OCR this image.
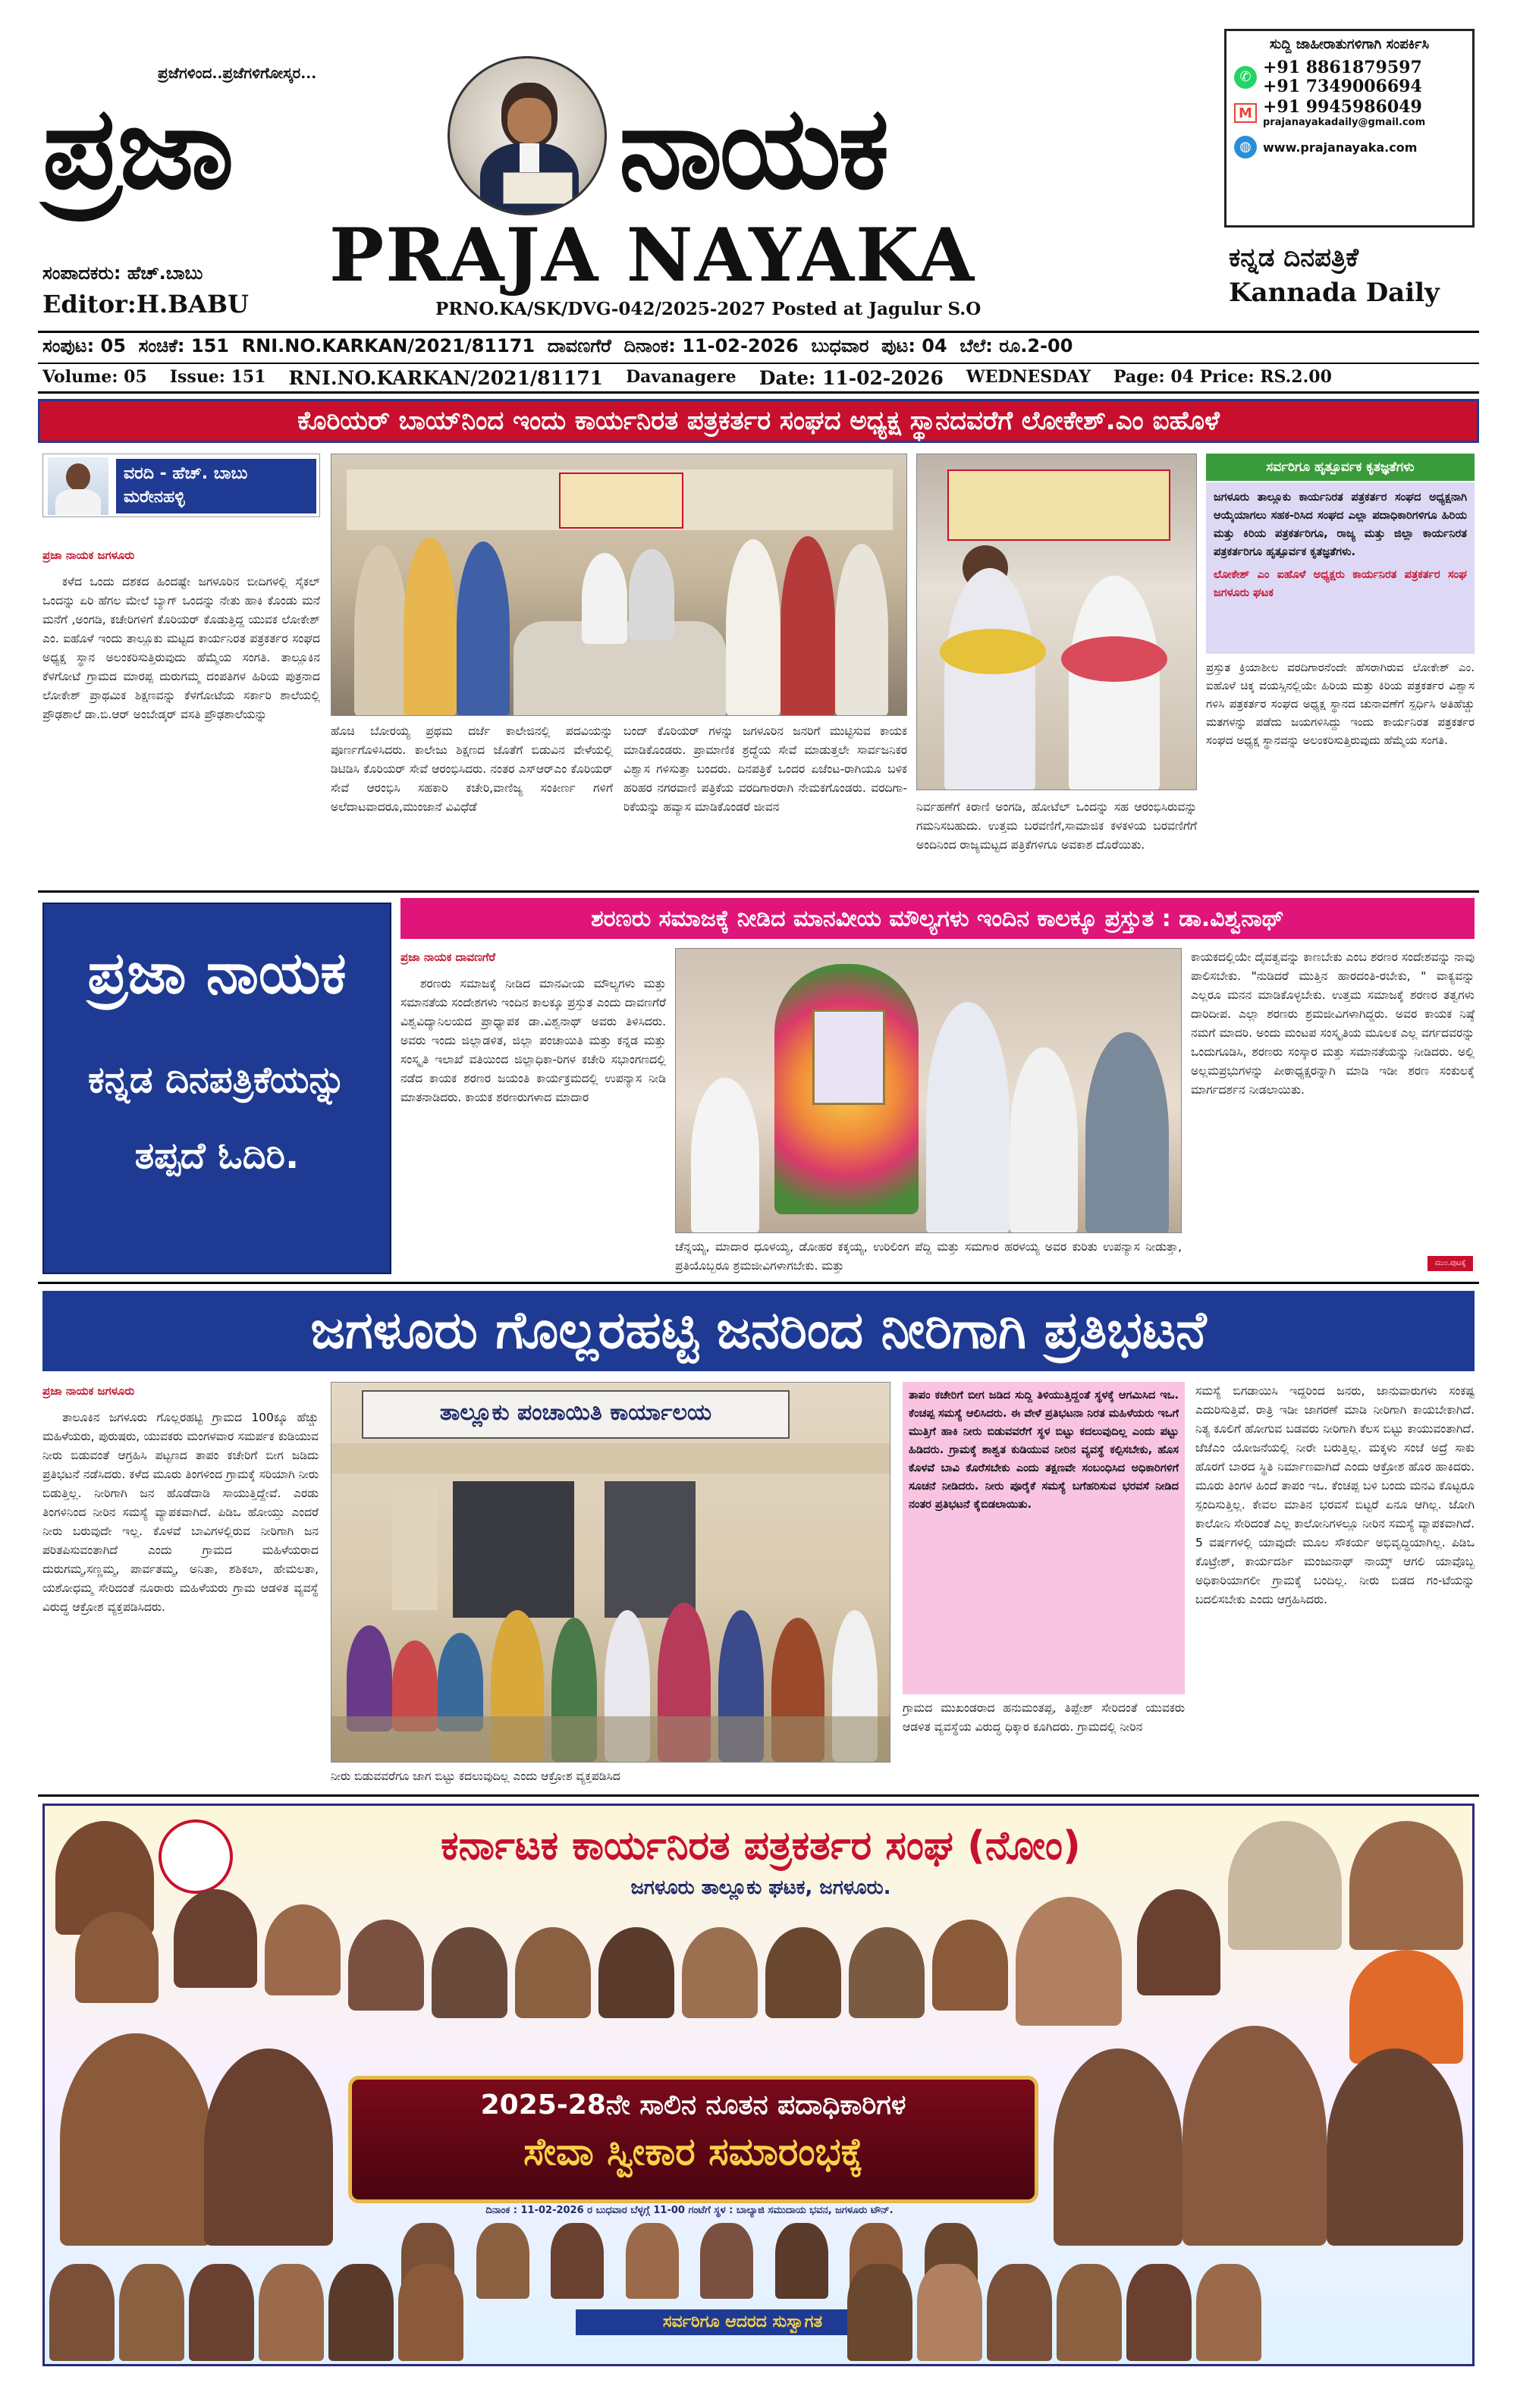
ಪ್ರಜೆಗಳಿಂದ..ಪ್ರಜೆಗಳಿಗೋಸ್ಕರ...
ಪ್ರಜಾ	ನಾಯಕ
PRAJA NAYAKA
ಸಂಪಾದಕರು: ಹೆಚ್.ಬಾಬು
Editor:H.BABU	PRNO.KA/SK/DVG-042/2025-2027 Posted at Jagulur S.O
ಕನ್ನಡ ದಿನಪತ್ರಿಕೆ
Kannada Daily
ಸುದ್ದಿ ಜಾಹೀರಾತುಗಳಿಗಾಗಿ ಸಂಪರ್ಕಿಸಿ
✆ +91 8861879597
+91 7349006694
M +91 9945986049
prajanayakadaily@gmail.com
◍ www.prajanayaka.com
ಸಂಪುಟ: 05  ಸಂಚಿಕೆ: 151  RNI.NO.KARKAN/2021/81171  ದಾವಣಗೆರೆ  ದಿನಾಂಕ: 11-02-2026  ಬುಧವಾರ  ಪುಟ: 04  ಬೆಲೆ: ರೂ.2-00
Volume: 05 Issue: 151 RNI.NO.KARKAN/2021/81171 Davanagere Date: 11-02-2026 WEDNESDAY Page: 04 Price: RS.2.00
ಕೊರಿಯರ್ ಬಾಯ್‌ನಿಂದ ಇಂದು ಕಾರ್ಯನಿರತ ಪತ್ರಕರ್ತರ ಸಂಘದ ಅಧ್ಯಕ್ಷ ಸ್ಥಾನದವರೆಗೆ ಲೋಕೇಶ್.ಎಂ ಐಹೊಳೆ
ವರದಿ - ಹೆಚ್. ಬಾಬು
ಮರೇನಹಳ್ಳಿ
ಪ್ರಜಾ ನಾಯಕ ಜಗಳೂರು

ಕಳೆದ ಒಂದು ದಶಕದ ಹಿಂದಷ್ಟೇ ಜಗಳೂರಿನ ಬೀದಿಗಳಲ್ಲಿ ಸೈಕಲ್ ಒಂದನ್ನು ಏರಿ ಹೆಗಲ ಮೇಲೆ ಬ್ಯಾಗ್ ಒಂದನ್ನು ನೇತು ಹಾಕಿ ಕೊಂಡು ಮನೆ ಮನೆಗೆ ,ಅಂಗಡಿ, ಕಚೇರಿಗಳಿಗೆ ಕೊರಿಯರ್ ಕೊಡುತ್ತಿದ್ದ ಯುವಕ ಲೋಕೇಶ್ ಎಂ. ಐಹೊಳೆ ಇಂದು ತಾಲ್ಲೂಕು ಮಟ್ಟದ ಕಾರ್ಯನಿರತ ಪತ್ರಕರ್ತರ ಸಂಘದ ಅಧ್ಯಕ್ಷ ಸ್ಥಾನ ಅಲಂಕರಿಸುತ್ತಿರುವುದು ಹೆಮ್ಮೆಯ ಸಂಗತಿ. ತಾಲ್ಲೂಕಿನ ಕೆಳಗೋಟೆ ಗ್ರಾಮದ ಮಾರಪ್ಪ ದುರುಗಮ್ಮ ದಂಪತಿಗಳ ಹಿರಿಯ ಪುತ್ರನಾದ ಲೋಕೇಶ್ ಪ್ರಾಥಮಿಕ ಶಿಕ್ಷಣವನ್ನು ಕೆಳಗೋಟೆಯ ಸರ್ಕಾರಿ ಶಾಲೆಯಲ್ಲಿ ಪ್ರೌಢಶಾಲೆ ಡಾ.ಬಿ.ಆರ್ ಅಂಬೇಡ್ಕರ್ ವಸತಿ ಪ್ರೌಢಶಾಲೆಯನ್ನು

ಹೊಚಿ ಬೋರಯ್ಯ ಪ್ರಥಮ ದರ್ಜೆ ಕಾಲೇಜಿನಲ್ಲಿ ಪದವಿಯನ್ನು ಪೂರ್ಣಗೊಳಿಸಿದರು. ಕಾಲೇಜು ಶಿಕ್ಷಣದ ಜೊತೆಗೆ ಬಿಡುವಿನ ವೇಳೆಯಲ್ಲಿ ಡಿಟಿಡಿಸಿ ಕೊರಿಯರ್ ಸೇವೆ ಆರಂಭಿಸಿದರು. ನಂತರ ಎಸ್‌ಆರ್‌ಎಂ ಕೊರಿಯರ್ ಸೇವೆ ಆರಂಭಿಸಿ ಸಹಕಾರಿ ಕಚೇರಿ,ವಾಣಿಜ್ಯ ಸಂಕೀರ್ಣ ಗಳಿಗೆ ಅಲೆದಾಟವಾದರೂ,ಮುಂಜಾನೆ ವಿವಿಧೆಡೆ

ಬಂದ್ ಕೊರಿಯರ್ ಗಳನ್ನು ಜಗಳೂರಿನ ಜನರಿಗೆ ಮುಟ್ಟಿಸುವ ಕಾಯಕ ಮಾಡಿಕೊಂಡರು. ಪ್ರಾಮಾಣಿಕ ಶ್ರದ್ಧೆಯ ಸೇವೆ ಮಾಡುತ್ತಲೇ ಸಾರ್ವಜನಿಕರ ವಿಶ್ವಾಸ ಗಳಿಸುತ್ತಾ ಬಂದರು. ದಿನಪತ್ರಿಕೆ ಒಂದರ ಏಜೆಂಟ-ರಾಗಿಯೂ ಬಳಿಕ ಹರಿಹರ ನಗರವಾಣಿ ಪತ್ರಿಕೆಯ ವರದಿಗಾರರಾಗಿ ನೇಮಕಗೊಂಡರು. ವರದಿಗಾ-ರಿಕೆಯನ್ನು ಹವ್ಯಾಸ ಮಾಡಿಕೊಂಡರೆ ಜೀವನ	ನಿರ್ವಹಣೆಗೆ ಕಿರಾಣಿ ಅಂಗಡಿ, ಹೋಟೆಲ್ ಒಂದನ್ನು ಸಹ ಆರಂಭಿಸಿರುವನ್ನು ಗಮನಿಸಬಹುದು. ಉತ್ತಮ ಬರವಣಿಗೆ,ಸಾಮಾಜಿಕ ಕಳಕಳಿಯ ಬರವಣಿಗೆಗೆ ಅಂದಿನಿಂದ ರಾಜ್ಯಮಟ್ಟದ ಪತ್ರಿಕೆಗಳಿಗೂ ಅವಕಾಶ ದೊರೆಯಿತು.

ಸರ್ವರಿಗೂ ಹೃತ್ಪೂರ್ವಕ ಕೃತಜ್ಞತೆಗಳು

ಜಗಳೂರು ತಾಲ್ಲೂಕು ಕಾರ್ಯನಿರತ ಪತ್ರಕರ್ತರ ಸಂಘದ ಅಧ್ಯಕ್ಷನಾಗಿ ಆಯ್ಕೆಯಾಗಲು ಸಹಕ-ರಿಸಿದ ಸಂಘದ ಎಲ್ಲಾ ಪದಾಧಿಕಾರಿಗಳಿಗೂ ಹಿರಿಯ ಮತ್ತು ಕಿರಿಯ ಪತ್ರಕರ್ತರಿಗೂ, ರಾಜ್ಯ ಮತ್ತು ಜಿಲ್ಲಾ ಕಾರ್ಯನಿರತ ಪತ್ರಕರ್ತರಿಗೂ ಹೃತ್ಪೂರ್ವಕ ಕೃತಜ್ಞತೆಗಳು.

ಲೋಕೇಶ್ ಎಂ ಐಹೊಳೆ ಅಧ್ಯಕ್ಷರು ಕಾರ್ಯನಿರತ ಪತ್ರಕರ್ತರ ಸಂಘ ಜಗಳೂರು ಘಟಕ

ಪ್ರಸ್ತುತ ಕ್ರಿಯಾಶೀಲ ವರದಿಗಾರನೆಂದೇ ಹೆಸರಾಗಿರುವ ಲೋಕೇಶ್ ಎಂ. ಐಹೊಳೆ ಚಿಕ್ಕ ವಯಸ್ಸಿನಲ್ಲಿಯೇ ಹಿರಿಯ ಮತ್ತು ಕಿರಿಯ ಪತ್ರಕರ್ತರ ವಿಶ್ವಾಸ ಗಳಿಸಿ ಪತ್ರಕರ್ತರ ಸಂಘದ ಅಧ್ಯಕ್ಷ ಸ್ಥಾನದ ಚುನಾವಣೆಗೆ ಸ್ಪರ್ಧಿಸಿ ಅತಿಹೆಚ್ಚು ಮತಗಳನ್ನು ಪಡೆದು ಜಯಗಳಿಸಿದ್ದು ಇಂದು ಕಾರ್ಯನಿರತ ಪತ್ರಕರ್ತರ ಸಂಘದ ಅಧ್ಯಕ್ಷ ಸ್ಥಾನವನ್ನು ಅಲಂಕರಿಸುತ್ತಿರುವುದು ಹೆಮ್ಮೆಯ ಸಂಗತಿ.

ಪ್ರಜಾ ನಾಯಕ
ಕನ್ನಡ ದಿನಪತ್ರಿಕೆಯನ್ನು
ತಪ್ಪದೆ ಓದಿರಿ.
ಶರಣರು ಸಮಾಜಕ್ಕೆ ನೀಡಿದ ಮಾನವೀಯ ಮೌಲ್ಯಗಳು ಇಂದಿನ ಕಾಲಕ್ಕೂ ಪ್ರಸ್ತುತ : ಡಾ.ವಿಶ್ವನಾಥ್
ಪ್ರಜಾ ನಾಯಕ ದಾವಣಗೆರೆ

ಶರಣರು ಸಮಾಜಕ್ಕೆ ನೀಡಿದ ಮಾನವೀಯ ಮೌಲ್ಯಗಳು ಮತ್ತು ಸಮಾನತೆಯ ಸಂದೇಶಗಳು ಇಂದಿನ ಕಾಲಕ್ಕೂ ಪ್ರಸ್ತುತ ಎಂದು ದಾವಣಗೆರೆ ವಿಶ್ವವಿದ್ಯಾನಿಲಯದ ಪ್ರಾಧ್ಯಾಪಕ ಡಾ.ವಿಶ್ವನಾಥ್ ಅವರು ತಿಳಿಸಿದರು. ಅವರು ಇಂದು ಜಿಲ್ಲಾಡಳಿತ, ಜಿಲ್ಲಾ ಪಂಚಾಯಿತಿ ಮತ್ತು ಕನ್ನಡ ಮತ್ತು ಸಂಸ್ಕೃತಿ ಇಲಾಖೆ ವತಿಯಿಂದ ಜಿಲ್ಲಾಧಿಕಾ-ರಿಗಳ ಕಚೇರಿ ಸಭಾಂಗಣದಲ್ಲಿ ನಡೆದ ಕಾಯಕ ಶರಣರ ಜಯಂತಿ ಕಾರ್ಯಕ್ರಮದಲ್ಲಿ ಉಪನ್ಯಾಸ ನೀಡಿ ಮಾತನಾಡಿದರು. ಕಾಯಕ ಶರಣರುಗಳಾದ ಮಾದಾರ

ಚೆನ್ನಯ್ಯ, ಮಾದಾರ ಧೂಳಯ್ಯ, ಡೋಹರ ಕಕ್ಕಯ್ಯ, ಉರಿಲಿಂಗ ಪೆದ್ದಿ ಮತ್ತು ಸಮಗಾರ ಹರಳಯ್ಯ ಅವರ ಕುರಿತು ಉಪನ್ಯಾಸ ನೀಡುತ್ತಾ, ಪ್ರತಿಯೊಬ್ಬರೂ ಶ್ರಮಜೀವಿಗಳಾಗಬೇಕು. ಮತ್ತು

ಕಾಯಕದಲ್ಲಿಯೇ ದೈವತ್ವವನ್ನು ಕಾಣಬೇಕು ಎಂಬ ಶರಣರ ಸಂದೇಶವನ್ನು ನಾವು ಪಾಲಿಸಬೇಕು. "ನುಡಿದರೆ ಮುತ್ತಿನ ಹಾರದಂತಿ-ರಬೇಕು, " ವಾಕ್ಯವನ್ನು ಎಲ್ಲರೂ ಮನನ ಮಾಡಿಕೊಳ್ಳಬೇಕು. ಉತ್ತಮ ಸಮಾಜಕ್ಕೆ ಶರಣರ ತತ್ವಗಳು ದಾರಿದೀಪ. ಎಲ್ಲಾ ಶರಣರು ಶ್ರಮಜೀವಿಗಳಾಗಿದ್ದರು. ಅವರ ಕಾಯಕ ನಿಷ್ಠೆ ನಮಗೆ ಮಾದರಿ. ಅಂದು ಮಂಟಪ ಸಂಸ್ಕೃತಿಯ ಮೂಲಕ ಎಲ್ಲ ವರ್ಗದವರನ್ನು ಒಂದುಗೂಡಿಸಿ, ಶರಣರು ಸಂಸ್ಕಾರ ಮತ್ತು ಸಮಾನತೆಯನ್ನು ನೀಡಿದರು. ಅಲ್ಲಿ ಅಲ್ಲಮಪ್ರಭುಗಳನ್ನು ಪೀಠಾಧ್ಯಕ್ಷರನ್ನಾಗಿ ಮಾಡಿ ಇಡೀ ಶರಣ ಸಂಕುಲಕ್ಕೆ ಮಾರ್ಗದರ್ಶನ ನೀಡಲಾಯಿತು.

ಮುಂ.ಪುಟಕ್ಕೆ
ಜಗಳೂರು ಗೊಲ್ಲರಹಟ್ಟಿ ಜನರಿಂದ ನೀರಿಗಾಗಿ ಪ್ರತಿಭಟನೆ
ಪ್ರಜಾ ನಾಯಕ ಜಗಳೂರು

ತಾಲೂಕಿನ ಜಗಳೂರು ಗೊಲ್ಲರಹಟ್ಟಿ ಗ್ರಾಮದ 100ಕ್ಕೂ ಹೆಚ್ಚು ಮಹಿಳೆಯರು, ಪುರುಷರು, ಯುವಕರು ಮಂಗಳವಾರ ಸಮರ್ಪಕ ಕುಡಿಯುವ ನೀರು ಬಿಡುವಂತೆ ಆಗ್ರಹಿಸಿ ಪಟ್ಟಣದ ತಾಪಂ ಕಚೇರಿಗೆ ಬೀಗ ಜಡಿದು ಪ್ರತಿಭಟನೆ ನಡೆಸಿದರು. ಕಳೆದ ಮೂರು ತಿಂಗಳಿಂದ ಗ್ರಾಮಕ್ಕೆ ಸರಿಯಾಗಿ ನೀರು ಬಿಡುತ್ತಿಲ್ಲ. ನೀರಿಗಾಗಿ ಜನ ಹೊಡೆದಾಡಿ ಸಾಯುತ್ತಿದ್ದೇವೆ. ಎರಡು ತಿಂಗಳಿನಿಂದ ನೀರಿನ ಸಮಸ್ಯೆ ವ್ಯಾಪಕವಾಗಿದೆ. ಪಿಡಿಒ ಹೋಯ್ತು ಎಂದರೆ ನೀರು ಬರುವುದೇ ಇಲ್ಲ. ಕೊಳವೆ ಬಾವಿಗಳಲ್ಲಿರುವ ನೀರಿಗಾಗಿ ಜನ ಪರಿತಪಿಸುವಂತಾಗಿದೆ ಎಂದು ಗ್ರಾಮದ ಮಹಿಳೆಯರಾದ ದುರುಗಮ್ಮ,ಸಣ್ಣಮ್ಮ, ಪಾರ್ವತಮ್ಮ, ಅನಿತಾ, ಶಶಿಕಲಾ, ಹೇಮಲತಾ, ಯಶೋಧಮ್ಮ ಸೇರಿದಂತೆ ನೂರಾರು ಮಹಿಳೆಯರು ಗ್ರಾಮ ಆಡಳಿತ ವ್ಯವಸ್ಥೆ ವಿರುದ್ಧ ಆಕ್ರೋಶ ವ್ಯಕ್ತಪಡಿಸಿದರು.

ತಾಲ್ಲೂಕು ಪಂಚಾಯಿತಿ ಕಾರ್ಯಾಲಯ

ನೀರು ಬಿಡುವವರೆಗೂ ಜಾಗ ಬಿಟ್ಟು ಕದಲುವುದಿಲ್ಲ ಎಂದು ಆಕ್ರೋಶ ವ್ಯಕ್ತಪಡಿಸಿದ

ತಾಪಂ ಕಚೇರಿಗೆ ಬೀಗ ಜಡಿದ ಸುದ್ದಿ ತಿಳಿಯುತ್ತಿದ್ದಂತೆ ಸ್ಥಳಕ್ಕೆ ಆಗಮಿಸಿದ ಇಒ. ಕೆಂಚಪ್ಪ ಸಮಸ್ಯೆ ಆಲಿಸಿದರು. ಈ ವೇಳೆ ಪ್ರತಿಭಟನಾ ನಿರತ ಮಹಿಳೆಯರು ಇಒಗೆ ಮುತ್ತಿಗೆ ಹಾಕಿ ನೀರು ಬಿಡುವವರೆಗೆ ಸ್ಥಳ ಬಿಟ್ಟು ಕದಲುವುದಿಲ್ಲ ಎಂದು ಪಟ್ಟು ಹಿಡಿದರು. ಗ್ರಾಮಕ್ಕೆ ಶಾಶ್ವತ ಕುಡಿಯುವ ನೀರಿನ ವ್ಯವಸ್ಥೆ ಕಲ್ಪಿಸಬೇಕು, ಹೊಸ ಕೊಳವೆ ಬಾವಿ ಕೊರೆಸಬೇಕು ಎಂದು ತಕ್ಷಣವೇ ಸಂಬಂಧಿಸಿದ ಅಧಿಕಾರಿಗಳಿಗೆ ಸೂಚನೆ ನೀಡಿದರು. ನೀರು ಪೂರೈಕೆ ಸಮಸ್ಯೆ ಬಗೆಹರಿಸುವ ಭರವಸೆ ನೀಡಿದ ನಂತರ ಪ್ರತಿಭಟನೆ ಕೈಬಿಡಲಾಯಿತು.

ಗ್ರಾಮದ ಮುಖಂಡರಾದ ಹನುಮಂತಪ್ಪ, ತಿಪ್ಪೇಶ್ ಸೇರಿದಂತೆ ಯುವಕರು ಆಡಳಿತ ವ್ಯವಸ್ಥೆಯ ವಿರುದ್ಧ ಧಿಕ್ಕಾರ ಕೂಗಿದರು. ಗ್ರಾಮದಲ್ಲಿ ನೀರಿನ

ಸಮಸ್ಯೆ ಬಿಗಡಾಯಿಸಿ ಇದ್ದರಿಂದ ಜನರು, ಜಾನುವಾರುಗಳು ಸಂಕಷ್ಟ ಎದುರಿಸುತ್ತಿವೆ. ರಾತ್ರಿ ಇಡೀ ಜಾಗರಣೆ ಮಾಡಿ ನೀರಿಗಾಗಿ ಕಾಯಬೇಕಾಗಿದೆ. ನಿತ್ಯ ಕೂಲಿಗೆ ಹೋಗುವ ಬಡವರು ನೀರಿಗಾಗಿ ಕೆಲಸ ಬಿಟ್ಟು ಕಾಯುವಂತಾಗಿದೆ. ಜೆಜೆಎಂ ಯೋಜನೆಯಲ್ಲಿ ನೀರೇ ಬರುತ್ತಿಲ್ಲ. ಮಕ್ಕಳು ಸಂಜೆ ಅದ್ರೆ ಸಾಕು ಹೊರಗೆ ಬಾರದ ಸ್ಥಿತಿ ನಿರ್ಮಾಣವಾಗಿದೆ ಎಂದು ಆಕ್ರೋಶ ಹೊರ ಹಾಕಿದರು. ಮೂರು ತಿಂಗಳ ಹಿಂದೆ ತಾಪಂ ಇಒ. ಕೆಂಚಪ್ಪ ಬಳಿ ಬಂದು ಮನವಿ ಕೊಟ್ಟರೂ ಸ್ಪಂದಿಸುತ್ತಿಲ್ಲ. ಕೇವಲ ಮಾತಿನ ಭರವಸೆ ಬಿಟ್ಟರೆ ಏನೂ ಆಗಿಲ್ಲ. ಜೋಗಿ ಕಾಲೋನಿ ಸೇರಿದಂತೆ ಎಲ್ಲ ಕಾಲೋನಿಗಳಲ್ಲೂ ನೀರಿನ ಸಮಸ್ಯೆ ವ್ಯಾಪಕವಾಗಿದೆ. 5 ವರ್ಷಗಳಲ್ಲಿ ಯಾವುದೇ ಮೂಲ ಸೌಕರ್ಯ ಅಭಿವೃದ್ಧಿಯಾಗಿಲ್ಲ. ಪಿಡಿಒ ಕೊಟ್ರೇಶ್, ಕಾರ್ಯದರ್ಶಿ ಮಂಜುನಾಥ್ ನಾಯ್ಕ್ ಆಗಲಿ ಯಾವೊಬ್ಬ ಅಧಿಕಾರಿಯಾಗಲೀ ಗ್ರಾಮಕ್ಕೆ ಬಂದಿಲ್ಲ. ನೀರು ಬಿಡದ ಗಂ-ಟೆಯನ್ನು ಬದಲಿಸಬೇಕು ಎಂದು ಆಗ್ರಹಿಸಿದರು.

ಕರ್ನಾಟಕ ಕಾರ್ಯನಿರತ ಪತ್ರಕರ್ತರ ಸಂಘ (ನೋಂ)
ಜಗಳೂರು ತಾಲ್ಲೂಕು ಘಟಕ, ಜಗಳೂರು.
2025-28ನೇ ಸಾಲಿನ ನೂತನ ಪದಾಧಿಕಾರಿಗಳ
ಸೇವಾ ಸ್ವೀಕಾರ ಸಮಾರಂಭಕ್ಕೆ
ದಿನಾಂಕ : 11-02-2026 ರ ಬುಧವಾರ ಬೆಳ್ಳಗ್ಗೆ 11-00 ಗಂಟೆಗೆ ಸ್ಥಳ : ಬಾಲ್ಯಾಜಿ ಸಮುದಾಯ ಭವನ, ಜಗಳೂರು ಟೌನ್.
ಸರ್ವರಿಗೂ ಆದರದ ಸುಸ್ವಾಗತ
